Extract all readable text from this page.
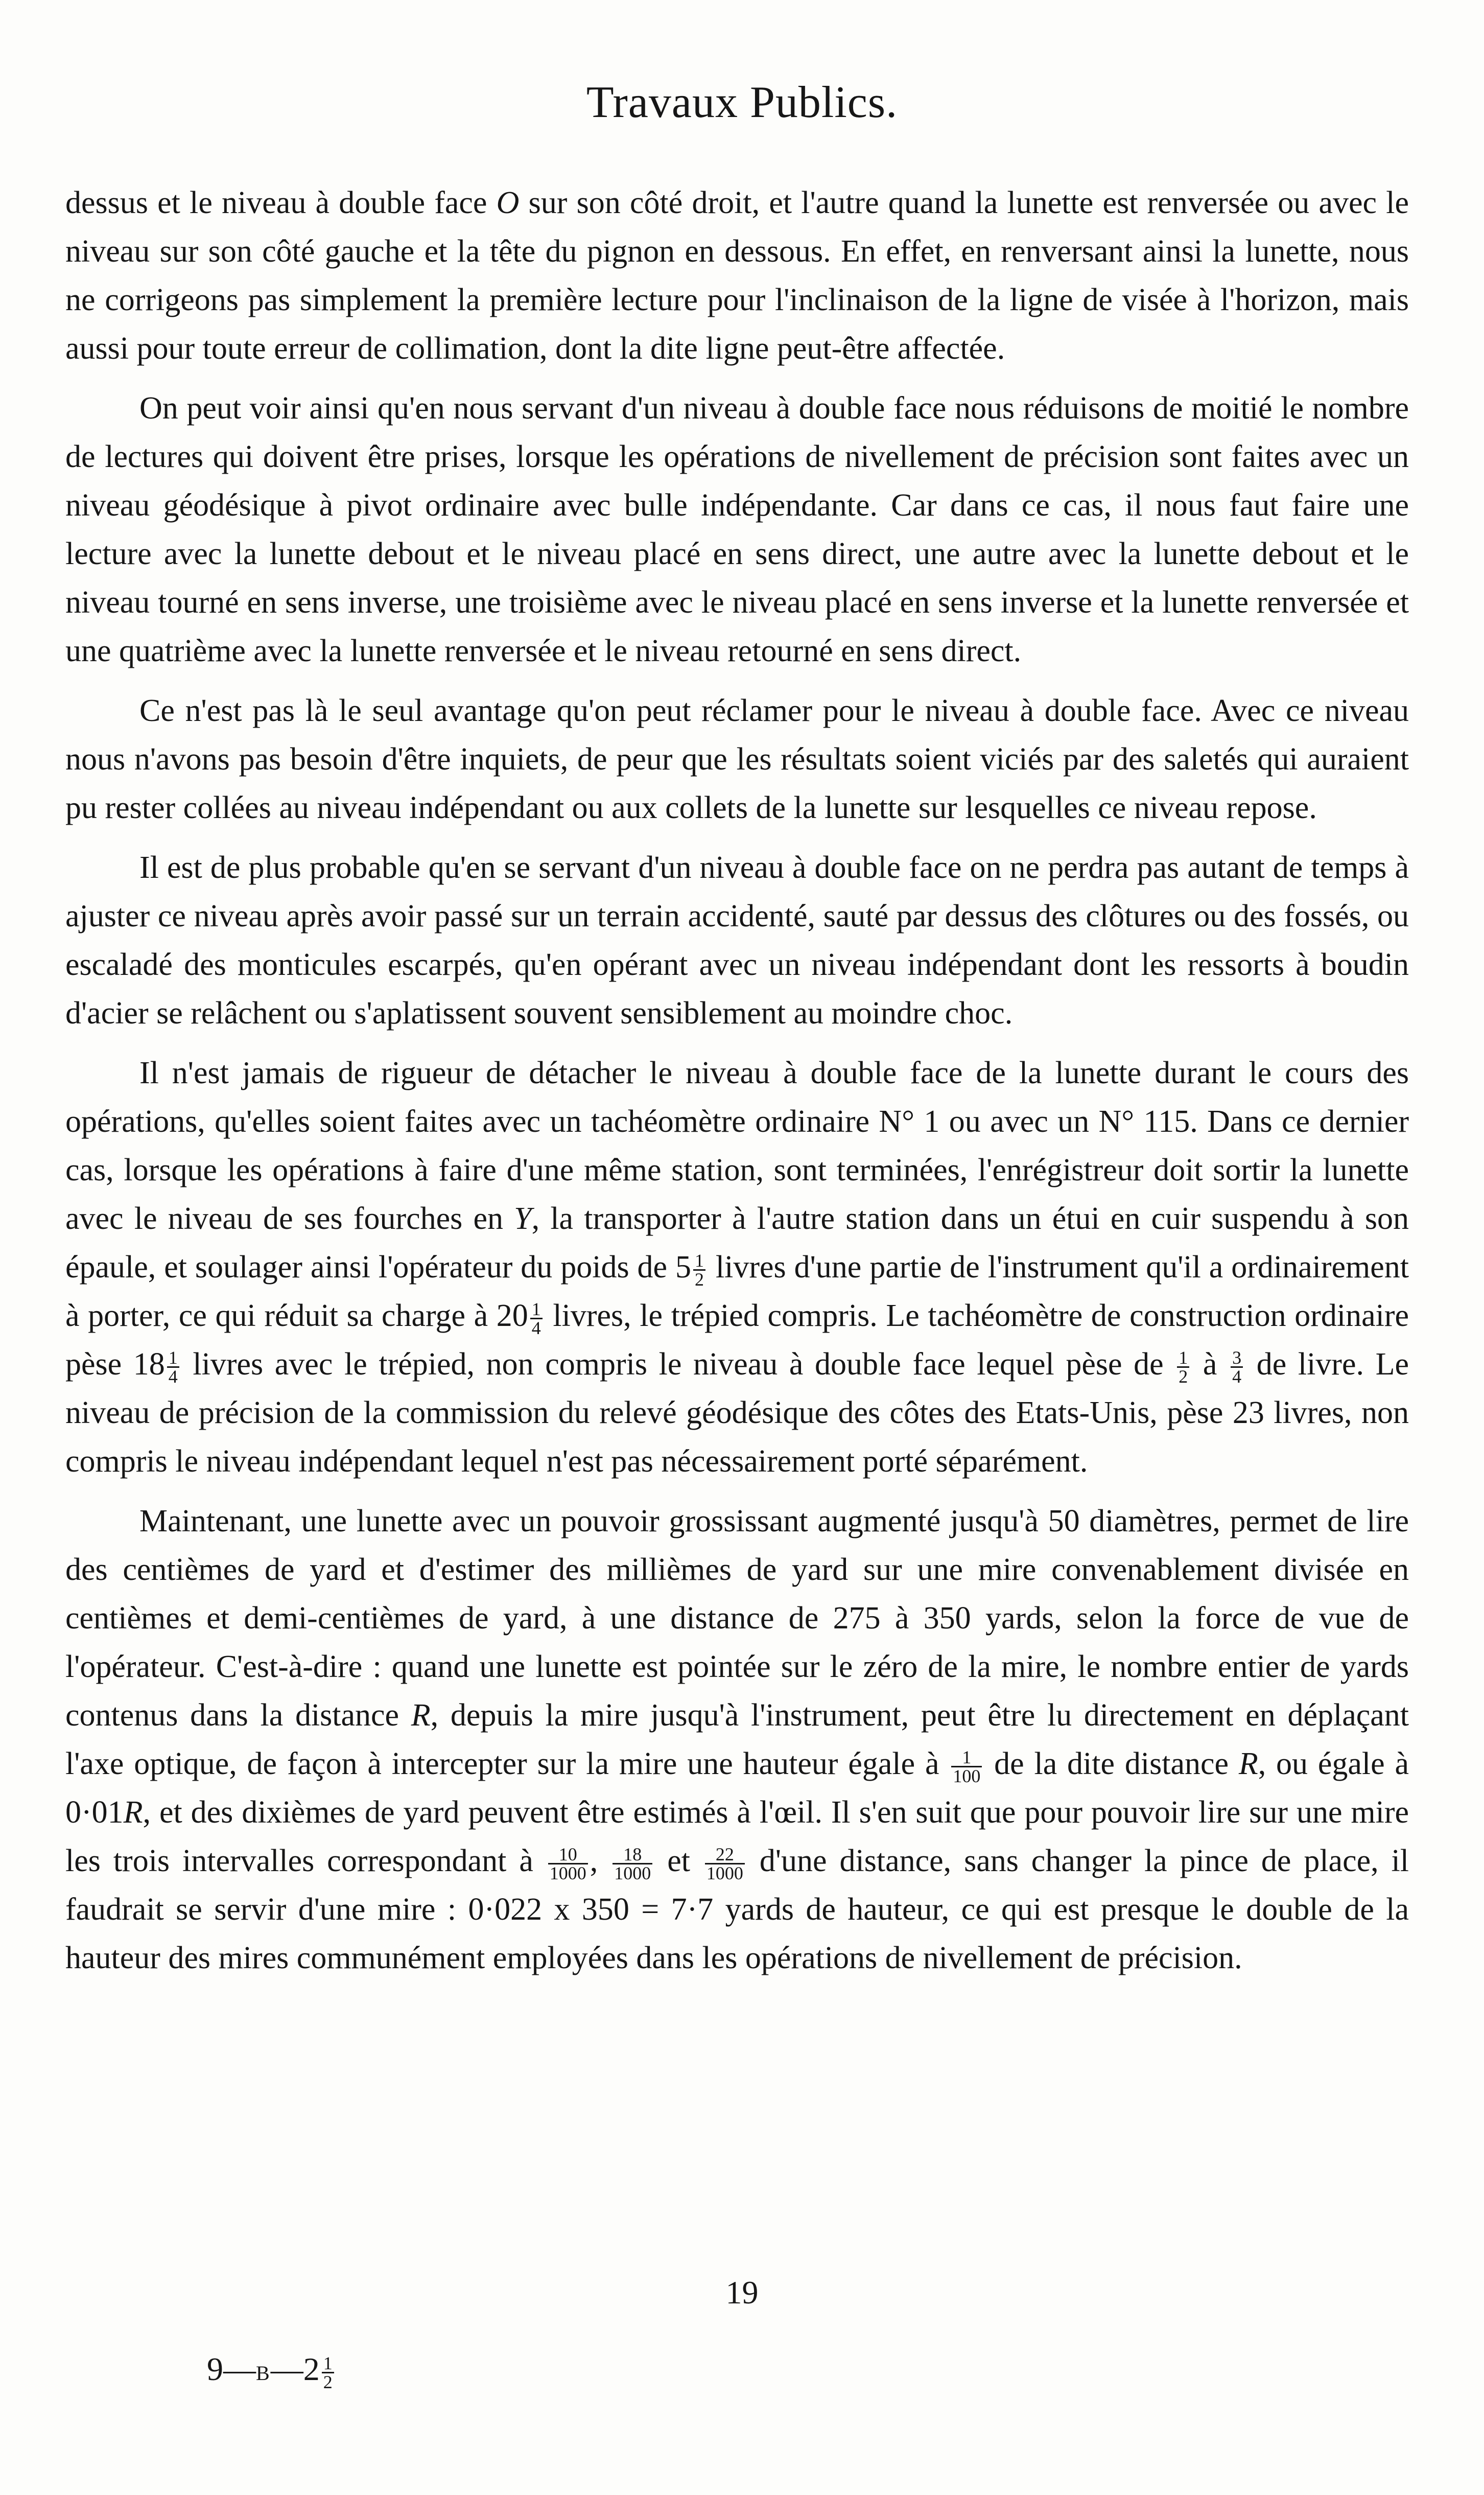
Travaux Publics.

dessus et le niveau à double face O sur son côté droit, et l'autre quand la lunette est renversée ou avec le niveau sur son côté gauche et la tête du pignon en dessous. En effet, en renversant ainsi la lunette, nous ne corrigeons pas simplement la première lecture pour l'inclinaison de la ligne de visée à l'horizon, mais aussi pour toute erreur de collimation, dont la dite ligne peut-être affectée.

On peut voir ainsi qu'en nous servant d'un niveau à double face nous réduisons de moitié le nombre de lectures qui doivent être prises, lorsque les opérations de nivellement de précision sont faites avec un niveau géodésique à pivot ordinaire avec bulle indépendante. Car dans ce cas, il nous faut faire une lecture avec la lunette debout et le niveau placé en sens direct, une autre avec la lunette debout et le niveau tourné en sens inverse, une troisième avec le niveau placé en sens inverse et la lunette renversée et une quatrième avec la lunette renversée et le niveau retourné en sens direct.

Ce n'est pas là le seul avantage qu'on peut réclamer pour le niveau à double face. Avec ce niveau nous n'avons pas besoin d'être inquiets, de peur que les résultats soient viciés par des saletés qui auraient pu rester collées au niveau indépendant ou aux collets de la lunette sur lesquelles ce niveau repose.

Il est de plus probable qu'en se servant d'un niveau à double face on ne perdra pas autant de temps à ajuster ce niveau après avoir passé sur un terrain accidenté, sauté par dessus des clôtures ou des fossés, ou escaladé des monticules escarpés, qu'en opérant avec un niveau indépendant dont les ressorts à boudin d'acier se relâchent ou s'aplatissent souvent sensiblement au moindre choc.

Il n'est jamais de rigueur de détacher le niveau à double face de la lunette durant le cours des opérations, qu'elles soient faites avec un tachéomètre ordinaire N° 1 ou avec un N° 115. Dans ce dernier cas, lorsque les opérations à faire d'une même station, sont terminées, l'enrégistreur doit sortir la lunette avec le niveau de ses fourches en Y, la transporter à l'autre station dans un étui en cuir suspendu à son épaule, et soulager ainsi l'opérateur du poids de $5 \frac{1}{2}$ livres d'une partie de l'instrument qu'il a ordinairement à porter, ce qui réduit sa charge à $20 \frac{1}{4}$ livres, le trépied compris. Le tachéomètre de construction ordinaire pèse $18 \frac{1}{4}$ livres avec le trépied, non compris le niveau à double face lequel pèse de $\frac{1}{2}$ à $\frac{3}{4}$ de livre. Le niveau de précision de la commission du relevé géodésique des côtes des Etats-Unis, pèse 23 livres, non compris le niveau indépendant lequel n'est pas nécessairement porté séparément.

Maintenant, une lunette avec un pouvoir grossissant augmenté jusqu'à 50 diamètres, permet de lire des centièmes de yard et d'estimer des millièmes de yard sur une mire convenablement divisée en centièmes et demi-centièmes de yard, à une distance de 275 à 350 yards, selon la force de vue de l'opérateur. C'est-à-dire : quand une lunette est pointée sur le zéro de la mire, le nombre entier de yards contenus dans la distance R, depuis la mire jusqu'à l'instrument, peut être lu directement en déplaçant l'axe optique, de façon à intercepter sur la mire une hauteur égale à $\frac{1}{100}$ de la dite distance R, ou égale à 0·01R, et des dixièmes de yard peuvent être estimés à l'œil. Il s'en suit que pour pouvoir lire sur une mire les trois intervalles correspondant à $\frac{10}{1000}$ , $\frac{18}{1000}$ et $\frac{22}{1000} d'une$ distance, sans changer la pince de place, il faudrait se servir d'une mire : 0·022 x 350 = 7·7 yards de hauteur, ce qui est presque le double de la hauteur des mires communément employées dans les opérations de nivellement de précision.

19
9—B—2 $\frac{1}{2}$
